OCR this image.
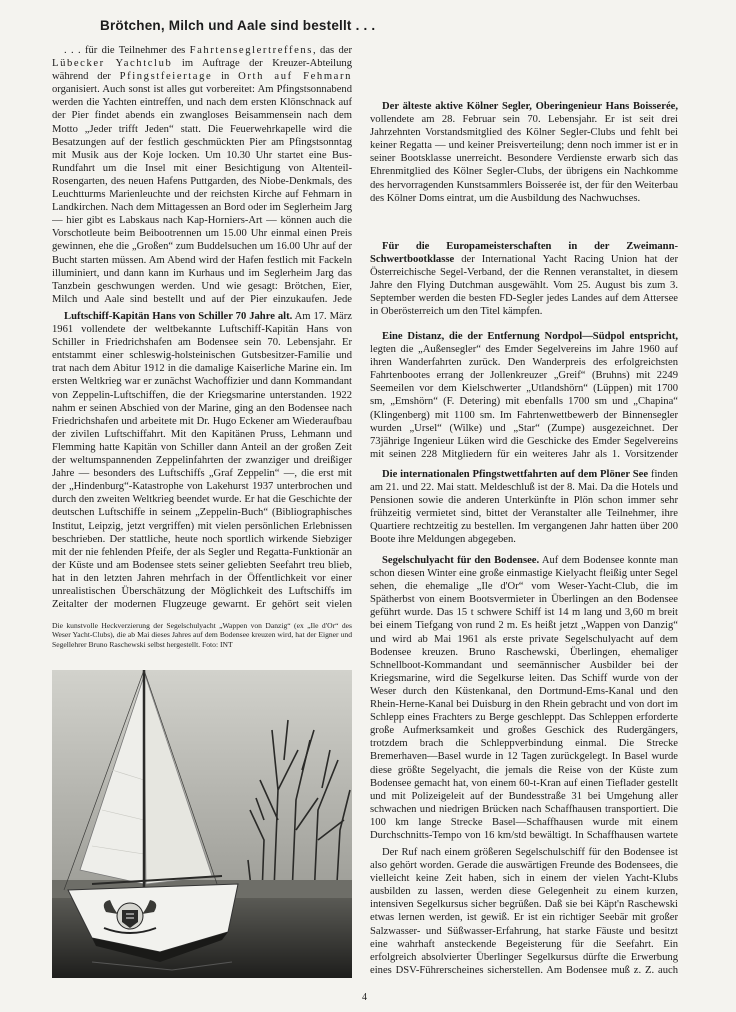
Brötchen, Milch und Aale sind bestellt . . .

. . . für die Teilnehmer des Fahrtenseglertreffens, das der Lübecker Yachtclub im Auftrage der Kreuzer-Abteilung während der Pfingstfeiertage in Orth auf Fehmarn organisiert. Auch sonst ist alles gut vorbereitet: Am Pfingstsonnabend werden die Yachten eintreffen, und nach dem ersten Klönschnack auf der Pier findet abends ein zwangloses Beisammensein nach dem Motto „Jeder trifft Jeden“ statt. Die Feuerwehrkapelle wird die Besatzungen auf der festlich geschmückten Pier am Pfingstsonntag mit Musik aus der Koje locken. Um 10.30 Uhr startet eine Bus-Rundfahrt um die Insel mit einer Besichtigung von Altenteil-Rosengarten, des neuen Hafens Puttgarden, des Niobe-Denkmals, des Leuchtturms Marienleuchte und der reichsten Kirche auf Fehmarn in Landkirchen. Nach dem Mittagessen an Bord oder im Seglerheim Jarg — hier gibt es Labskaus nach Kap-Horniers-Art — können auch die Vorschotleute beim Beibootrennen um 15.00 Uhr einmal einen Preis gewinnen, ehe die „Großen“ zum Buddelsuchen um 16.00 Uhr auf der Bucht starten müssen. Am Abend wird der Hafen festlich mit Fackeln illuminiert, und dann kann im Kurhaus und im Seglerheim Jarg das Tanzbein geschwungen werden. Und wie gesagt: Brötchen, Eier, Milch und Aale sind bestellt und auf der Pier einzukaufen. Jede

Luftschiff-Kapitän Hans von Schiller 70 Jahre alt. Am 17. März 1961 vollendete der weltbekannte Luftschiff-Kapitän Hans von Schiller in Friedrichshafen am Bodensee sein 70. Lebensjahr. Er entstammt einer schleswig-holsteinischen Gutsbesitzer-Familie und trat nach dem Abitur 1912 in die damalige Kaiserliche Marine ein. Im ersten Weltkrieg war er zunächst Wachoffizier und dann Kommandant von Zeppelin-Luftschiffen, die der Kriegsmarine unterstanden. 1922 nahm er seinen Abschied von der Marine, ging an den Bodensee nach Friedrichshafen und arbeitete mit Dr. Hugo Eckener am Wiederaufbau der zivilen Luftschiffahrt. Mit den Kapitänen Pruss, Lehmann und Flemming hatte Kapitän von Schiller dann Anteil an der großen Zeit der weltumspannenden Zeppelinfahrten der zwanziger und dreißiger Jahre — besonders des Luftschiffs „Graf Zeppelin“ —, die erst mit der „Hindenburg“-Katastrophe von Lakehurst 1937 unterbrochen und durch den zweiten Weltkrieg beendet wurde. Er hat die Geschichte der deutschen Luftschiffe in seinem „Zeppelin-Buch“ (Bibliographisches Institut, Leipzig, jetzt vergriffen) mit vielen persönlichen Erlebnissen beschrieben. Der stattliche, heute noch sportlich wirkende Siebziger mit der nie fehlenden Pfeife, der als Segler und Regatta-Funktionär an der Küste und am Bodensee stets seiner geliebten Seefahrt treu blieb, hat in den letzten Jahren mehrfach in der Öffentlichkeit vor einer unrealistischen Überschätzung der Möglichkeit des Luftschiffs im Zeitalter der modernen Flugzeuge gewarnt. Er gehört seit vielen

Die kunstvolle Heckverzierung der Segelschulyacht „Wappen von Danzig“ (ex „Ile d'Or“ des Weser Yacht-Clubs), die ab Mai dieses Jahres auf dem Bodensee kreuzen wird, hat der Eigner und Segellehrer Bruno Raschewski selbst hergestellt. Foto: INT

Der älteste aktive Kölner Segler, Oberingenieur Hans Boisserée, vollendete am 28. Februar sein 70. Lebensjahr. Er ist seit drei Jahrzehnten Vorstandsmitglied des Kölner Segler-Clubs und fehlt bei keiner Regatta — und keiner Preisverteilung; denn noch immer ist er in seiner Bootsklasse unerreicht. Besondere Verdienste erwarb sich das Ehrenmitglied des Kölner Segler-Clubs, der übrigens ein Nachkomme des hervorragenden Kunstsammlers Boisserée ist, der für den Weiterbau des Kölner Doms eintrat, um die Ausbildung des Nachwuchses.

Für die Europameisterschaften in der Zweimann-Schwertbootklasse der International Yacht Racing Union hat der Österreichische Segel-Verband, der die Rennen veranstaltet, in diesem Jahre den Flying Dutchman ausgewählt. Vom 25. August bis zum 3. September werden die besten FD-Segler jedes Landes auf dem Attersee in Oberösterreich um den Titel kämpfen.

Eine Distanz, die der Entfernung Nordpol—Südpol entspricht, legten die „Außensegler“ des Emder Segelvereins im Jahre 1960 auf ihren Wanderfahrten zurück. Den Wanderpreis des erfolgreichsten Fahrtenbootes errang der Jollenkreuzer „Greif“ (Bruhns) mit 2249 Seemeilen vor dem Kielschwerter „Utlandshörn“ (Lüppen) mit 1700 sm, „Emshörn“ (F. Detering) mit ebenfalls 1700 sm und „Chapina“ (Klingenberg) mit 1100 sm. Im Fahrtenwettbewerb der Binnensegler wurden „Ursel“ (Wilke) und „Star“ (Zumpe) ausgezeichnet. Der 73jährige Ingenieur Lüken wird die Geschicke des Emder Segelvereins mit seinen 228 Mitgliedern für ein weiteres Jahr als 1. Vorsitzender

Die internationalen Pfingstwettfahrten auf dem Plöner See finden am 21. und 22. Mai statt. Meldeschluß ist der 8. Mai. Da die Hotels und Pensionen sowie die anderen Unterkünfte in Plön schon immer sehr frühzeitig vermietet sind, bittet der Veranstalter alle Teilnehmer, ihre Quartiere rechtzeitig zu bestellen. Im vergangenen Jahr hatten über 200 Boote ihre Meldungen abgegeben.

Segelschulyacht für den Bodensee. Auf dem Bodensee konnte man schon diesen Winter eine große einmastige Kielyacht fleißig unter Segel sehen, die ehemalige „Ile d'Or“ vom Weser-Yacht-Club, die im Spätherbst von einem Bootsvermieter in Überlingen an den Bodensee geführt wurde. Das 15 t schwere Schiff ist 14 m lang und 3,60 m breit bei einem Tiefgang von rund 2 m. Es heißt jetzt „Wappen von Danzig“ und wird ab Mai 1961 als erste private Segelschulyacht auf dem Bodensee kreuzen. Bruno Raschewski, Überlingen, ehemaliger Schnellboot-Kommandant und seemännischer Ausbilder bei der Kriegsmarine, wird die Segelkurse leiten. Das Schiff wurde von der Weser durch den Küstenkanal, den Dortmund-Ems-Kanal und den Rhein-Herne-Kanal bei Duisburg in den Rhein gebracht und von dort im Schlepp eines Frachters zu Berge geschleppt. Das Schleppen erforderte große Aufmerksamkeit und großes Geschick des Rudergängers, trotzdem brach die Schleppverbindung einmal. Die Strecke Bremerhaven—Basel wurde in 12 Tagen zurückgelegt. In Basel wurde diese größte Segelyacht, die jemals die Reise von der Küste zum Bodensee gemacht hat, von einem 60-t-Kran auf einen Tieflader gestellt und mit Polizeigeleit auf der Bundesstraße 31 bei Umgehung aller schwachen und niedrigen Brücken nach Schaffhausen transportiert. Die 100 km lange Strecke Basel—Schaffhausen wurde mit einem Durchschnitts-Tempo von 16 km/std bewältigt. In Schaffhausen wartete

Der Ruf nach einem größeren Segelschulschiff für den Bodensee ist also gehört worden. Gerade die auswärtigen Freunde des Bodensees, die vielleicht keine Zeit haben, sich in einem der vielen Yacht-Klubs ausbilden zu lassen, werden diese Gelegenheit zu einem kurzen, intensiven Segelkursus sicher begrüßen. Daß sie bei Käpt'n Raschewski etwas lernen werden, ist gewiß. Er ist ein richtiger Seebär mit großer Salzwasser- und Süßwasser-Erfahrung, hat starke Fäuste und besitzt eine wahrhaft ansteckende Begeisterung für die Seefahrt. Ein erfolgreich absolvierter Überlinger Segelkursus dürfte die Erwerbung eines DSV-Führerscheines sicherstellen. Am Bodensee muß z. Z. auch

4
